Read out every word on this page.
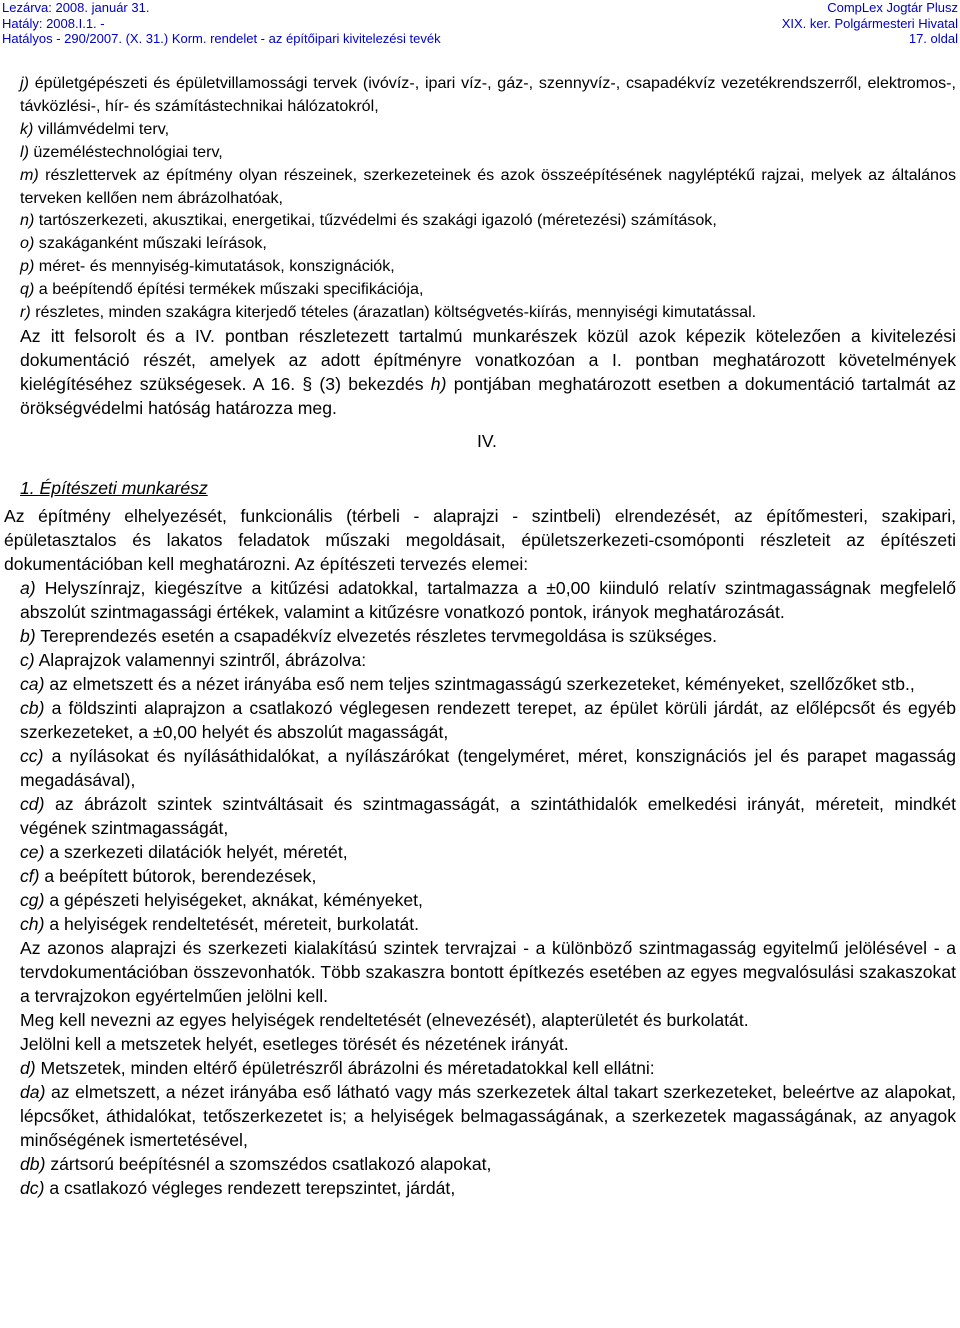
Lezárva: 2008. január 31.
Hatály: 2008.I.1. -
Hatályos - 290/2007. (X. 31.) Korm. rendelet - az építőipari kivitelezési tevék
CompLex Jogtár Plusz
XIX. ker. Polgármesteri Hivatal
17. oldal
j) épületgépészeti és épületvillamossági tervek (ivóvíz-, ipari víz-, gáz-, szennyvíz-, csapadékvíz vezetékrendszerről, elektromos-, távközlési-, hír- és számítástechnikai hálózatokról,
k) villámvédelmi terv,
l) üzeméléstechnológiai terv,
m) részlettervek az építmény olyan részeinek, szerkezeteinek és azok összeépítésének nagyléptékű rajzai, melyek az általános terveken kellően nem ábrázolhatóak,
n) tartószerkezeti, akusztikai, energetikai, tűzvédelmi és szakági igazoló (méretezési) számítások,
o) szakáganként műszaki leírások,
p) méret- és mennyiség-kimutatások, konszignációk,
q) a beépítendő építési termékek műszaki specifikációja,
r) részletes, minden szakágra kiterjedő tételes (árazatlan) költségvetés-kiírás, mennyiségi kimutatással.
Az itt felsorolt és a IV. pontban részletezett tartalmú munkarészek közül azok képezik kötelezően a kivitelezési dokumentáció részét, amelyek az adott építményre vonatkozóan a I. pontban meghatározott követelmények kielégítéséhez szükségesek. A 16. § (3) bekezdés h) pontjában meghatározott esetben a dokumentáció tartalmát az örökségvédelmi hatóság határozza meg.
IV.
1. Építészeti munkarész
Az építmény elhelyezését, funkcionális (térbeli - alaprajzi - szintbeli) elrendezését, az építőmesteri, szakipari, épületasztalos és lakatos feladatok műszaki megoldásait, épületszerkezeti-csomóponti részleteit az építészeti dokumentációban kell meghatározni. Az építészeti tervezés elemei:
a) Helyszínrajz, kiegészítve a kitűzési adatokkal, tartalmazza a ±0,00 kiinduló relatív szintmagasságnak megfelelő abszolút szintmagassági értékek, valamint a kitűzésre vonatkozó pontok, irányok meghatározását.
b) Tereprendezés esetén a csapadékvíz elvezetés részletes tervmegoldása is szükséges.
c) Alaprajzok valamennyi szintről, ábrázolva:
ca) az elmetszett és a nézet irányába eső nem teljes szintmagasságú szerkezeteket, kéményeket, szellőzőket stb.,
cb) a földszinti alaprajzon a csatlakozó véglegesen rendezett terepet, az épület körüli járdát, az előlépcsőt és egyéb szerkezeteket, a ±0,00 helyét és abszolút magasságát,
cc) a nyílásokat és nyílásáthidalókat, a nyílászárókat (tengelyméret, méret, konszignációs jel és parapet magasság megadásával),
cd) az ábrázolt szintek szintváltásait és szintmagasságát, a szintáthidalók emelkedési irányát, méreteit, mindkét végének szintmagasságát,
ce) a szerkezeti dilatációk helyét, méretét,
cf) a beépített bútorok, berendezések,
cg) a gépészeti helyiségeket, aknákat, kéményeket,
ch) a helyiségek rendeltetését, méreteit, burkolatát.
Az azonos alaprajzi és szerkezeti kialakítású szintek tervrajzai - a különböző szintmagasság egyitelmű jelölésével - a tervdokumentációban összevonhatók. Több szakaszra bontott építkezés esetében az egyes megvalósulási szakaszokat a tervrajzokon egyértelműen jelölni kell.
Meg kell nevezni az egyes helyiségek rendeltetését (elnevezését), alapterületét és burkolatát.
Jelölni kell a metszetek helyét, esetleges törését és nézetének irányát.
d) Metszetek, minden eltérő épületrészről ábrázolni és méretadatokkal kell ellátni:
da) az elmetszett, a nézet irányába eső látható vagy más szerkezetek által takart szerkezeteket, beleértve az alapokat, lépcsőket, áthidalókat, tetőszerkezetet is; a helyiségek belmagasságának, a szerkezetek magasságának, az anyagok minőségének ismertetésével,
db) zártsorú beépítésnél a szomszédos csatlakozó alapokat,
dc) a csatlakozó végleges rendezett terepszintet, járdát,
